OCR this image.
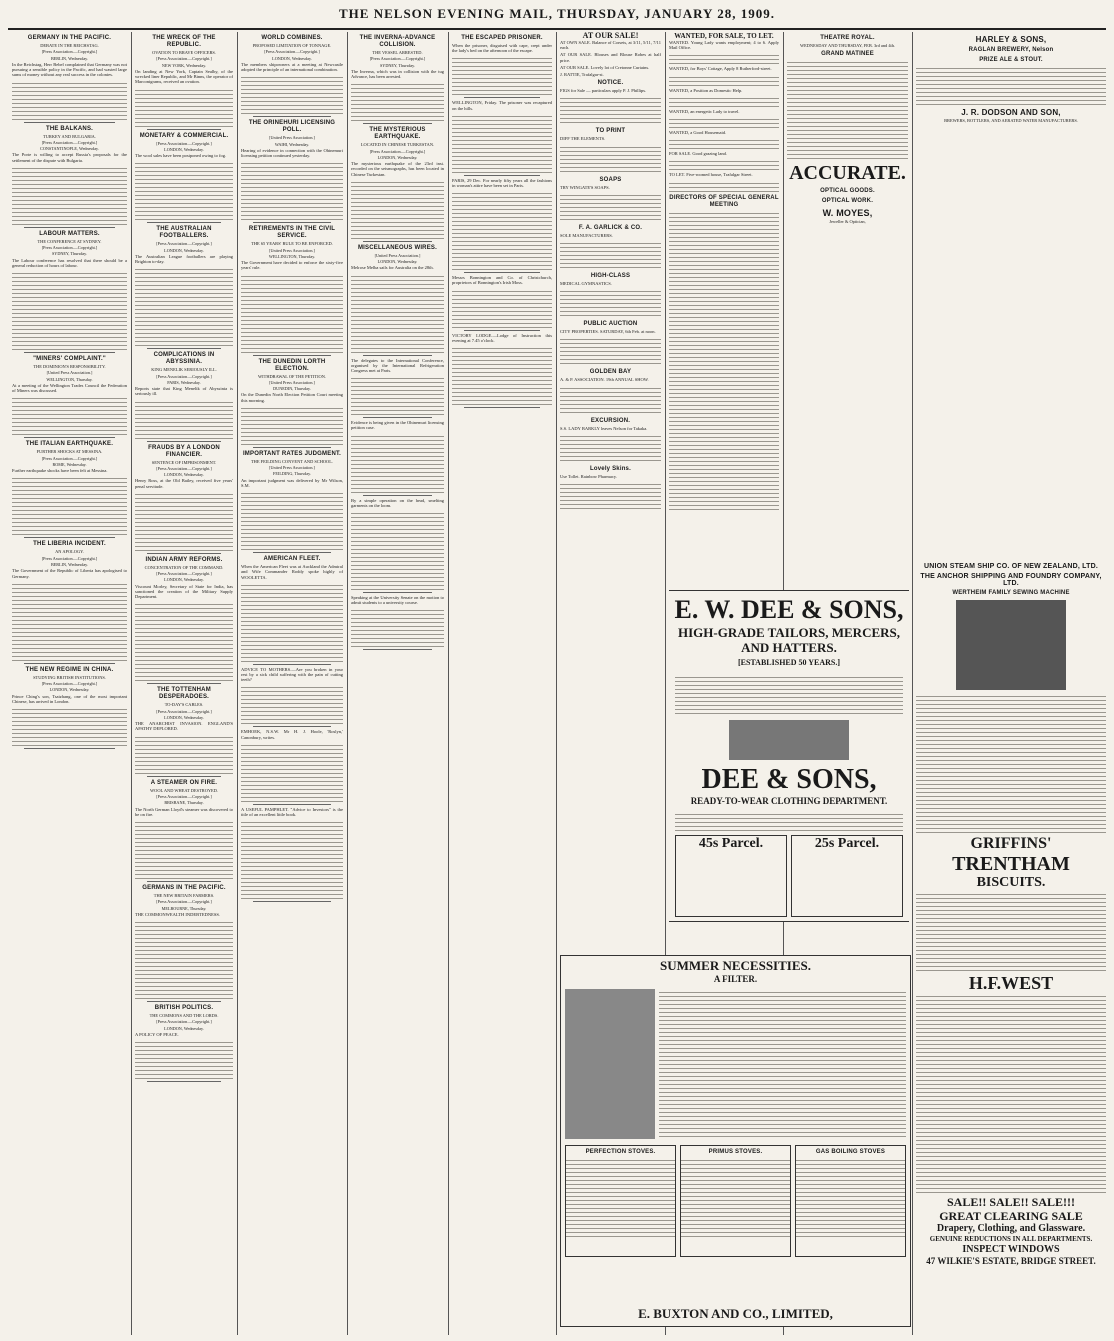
THE NELSON EVENING MAIL, THURSDAY, JANUARY 28, 1909.
GERMANY IN THE PACIFIC.
DEBATE IN THE REICHSTAG.
[Press Association.—Copyright.]
BERLIN, Wednesday.
In the Reichstag, Herr Bebel complained that Germany was not pursuing a sensible policy in the Pacific, and had wasted large sums of money without any real success in the colonies.
THE BALKANS.
TURKEY AND BULGARIA.
[Press Association.—Copyright.]
CONSTANTINOPLE, Wednesday.
The Porte is willing to accept Russia's proposals for the settlement of the dispute with Bulgaria.
LABOUR MATTERS.
THE CONFERENCE AT SYDNEY.
[Press Association.—Copyright.]
SYDNEY, Thursday.
The Labour conference has resolved that there should be a general reduction of hours of labour.
"MINERS' COMPLAINT."
THE DOMINION'S RESPONSIBILITY.
[United Press Association.]
WELLINGTON, Thursday.
At a meeting of the Wellington Trades Council the Federation of Miners was discussed.
THE ITALIAN EARTHQUAKE.
FURTHER SHOCKS AT MESSINA.
[Press Association.—Copyright.]
ROME, Wednesday.
Further earthquake shocks have been felt at Messina.
THE LIBERIA INCIDENT.
AN APOLOGY.
[Press Association.—Copyright.]
BERLIN, Wednesday.
The Government of the Republic of Liberia has apologised to Germany.
THE NEW REGIME IN CHINA.
STUDYING BRITISH INSTITUTIONS.
[Press Association.—Copyright.]
LONDON, Wednesday.
Prince Ching's son, Tsaizhang, one of the most important Chinese, has arrived in London.
THE WRECK OF THE REPUBLIC.
OVATION TO BRAVE OFFICERS.
[Press Association.—Copyright.]
NEW YORK, Wednesday.
On landing at New York, Captain Sealby, of the wrecked liner Republic, and Mr Binns, the operator of Marconigrams, received an ovation.
MONETARY & COMMERCIAL.
[Press Association.—Copyright.]
LONDON, Wednesday.
The wool sales have been postponed owing to fog.
THE AUSTRALIAN FOOTBALLERS.
[Press Association.—Copyright.]
LONDON, Wednesday.
The Australian League footballers are playing Brighton to-day.
COMPLICATIONS IN ABYSSINIA.
KING MENELIK SERIOUSLY ILL.
[Press Association.—Copyright.]
PARIS, Wednesday.
Reports state that King Menelik of Abyssinia is seriously ill.
FRAUDS BY A LONDON FINANCIER.
SENTENCE OF IMPRISONMENT.
[Press Association.—Copyright.]
LONDON, Wednesday.
Henry Ross, at the Old Bailey, received five years' penal servitude.
INDIAN ARMY REFORMS.
CONCENTRATION OF THE COMMAND.
[Press Association.—Copyright.]
LONDON, Wednesday.
Viscount Morley, Secretary of State for India, has sanctioned the creation of the Military Supply Department.
THE TOTTENHAM DESPERADOES.
TO-DAY'S CABLES.
[Press Association.—Copyright.]
LONDON, Wednesday.
THE ANARCHIST INVASION. ENGLAND'S APATHY DEPLORED.
A STEAMER ON FIRE.
WOOL AND WHEAT DESTROYED.
[Press Association.—Copyright.]
BRISBANE, Thursday.
The North German Lloyd's steamer was discovered to be on fire.
GERMANS IN THE PACIFIC.
THE NEW BRITAIN FARMERS.
[Press Association.—Copyright.]
MELBOURNE, Thursday.
THE COMMONWEALTH INDEBTEDNESS.
BRITISH POLITICS.
THE COMMONS AND THE LORDS.
[Press Association.—Copyright.]
LONDON, Wednesday.
A POLICY OF PEACE.
WORLD COMBINES.
PROPOSED LIMITATION OF TONNAGE.
[Press Association.—Copyright.]
LONDON, Wednesday.
The members shipowners at a meeting at Newcastle adopted the principle of an international combination.
THE ORINEHURI LICENSING POLL.
[United Press Association.]
WAIHI, Wednesday.
Hearing of evidence in connection with the Ohinemuri licensing petition continued yesterday.
RETIREMENTS IN THE CIVIL SERVICE.
THE 65 YEARS' RULE TO BE ENFORCED.
[United Press Association.]
WELLINGTON, Thursday.
The Government have decided to enforce the sixty-five years' rule.
THE DUNEDIN LORTH ELECTION.
WITHDRAWAL OF THE PETITION.
[United Press Association.]
DUNEDIN, Thursday.
On the Dunedin North Election Petition Court meeting this morning.
IMPORTANT RATES JUDGMENT.
THE FEILDING CONVENT AND SCHOOL.
[United Press Association.]
FEILDING, Thursday.
An important judgment was delivered by Mr Wilson, S.M.
AMERICAN FLEET.
When the American Fleet was at Auckland the Admiral and Wife Commander Roddy spoke highly of WOOLETTA.
ADVICE TO MOTHERS.—Are you broken in your rest by a sick child suffering with the pain of cutting teeth?
EMHOEK, N.S.W. Mr H. J. Hoole, 'Roslyn,' Canonbury, writes.
A USEFUL PAMPHLET. "Advice to Investors" is the title of an excellent little book.
THE INVERNA-ADVANCE COLLISION.
THE VESSEL ARRESTED.
[Press Association.—Copyright.]
SYDNEY, Thursday.
The Inverna, which was in collision with the tug Advance, has been arrested.
THE MYSTERIOUS EARTHQUAKE.
LOCATED IN CHINESE TURKESTAN.
[Press Association.—Copyright.]
LONDON, Wednesday.
The mysterious earthquake of the 23rd inst. recorded on the seismographs, has been located in Chinese Turkestan.
MISCELLANEOUS WIRES.
[United Press Association.]
LONDON, Wednesday.
Melrose Melba sails for Australia on the 28th.
The delegates to the International Conference, organised by the International Refrigeration Congress met at Paris.
Evidence is being given in the Ohinemuri licensing petition case.
By a simple operation on the head, smelting garments on the loom.
Speaking at the University Senate on the motion to admit students to a university course.
THE ESCAPED PRISONER.
When the prisoner, disguised with cape, crept under the lady's bed on the afternoon of the escape.
WELLINGTON, Friday. The prisoner was recaptured on the hills.
PARIS, 29 Dec. For nearly fifty years all the fashions in woman's attire have been set in Paris.
Messrs Bonnington and Co. of Christchurch, proprietors of Bonnington's Irish Moss.
VICTORY LODGE.—Lodge of Instruction this evening at 7.45 o'clock.
AT OUR SALE!
AT OWN SALE. Balance of Corsets, at 3/11, 5/11, 7/11 each.
AT OUR SALE. Blouses and Blouse Robes at half price.
AT OUR SALE. Lovely lot of Cretonne Curtains.
J. RATTIE, Trafalgar-st.
NOTICE.
FIGS for Sale — particulars apply P. J. Phillips.
TO PRINT
DIFF THE ELEMENTS.
SOAPS
TRY WINGATE'S SOAPS.
F. A. GARLICK & CO.
SOLE MANUFACTURERS.
HIGH-CLASS
MEDICAL GYMNASTICS.
PUBLIC AUCTION
CITY PROPERTIES. SATURDAY, 6th Feb. at noon.
GOLDEN BAY
A. & P. ASSOCIATION. 19th ANNUAL SHOW.
EXCURSION.
S.S. LADY BARKLY leaves Nelson for Takaka.
Lovely Skins.
Use Tollet. Rainbow Pharmacy.
WANTED, FOR SALE, TO LET.
WANTED. Young Lady wants employment; 4 to 6. Apply Mail Office.
WANTED, for Boys' Cottage, Apply 8 Rutherford-street.
WANTED, a Position as Domestic Help.
WANTED, an energetic Lady to travel.
WANTED, a Good Housemaid.
FOR SALE. Good grazing land.
TO LET. Five-roomed house, Trafalgar Street.
DIRECTORS OF SPECIAL GENERAL MEETING
THEATRE ROYAL.
WEDNESDAY AND THURSDAY, FEB. 3rd and 4th.
GRAND MATINEE
ACCURATE.
OPTICAL GOODS.
OPTICAL WORK.
W. MOYES,
Jeweller & Optician,
HARLEY & SONS,
RAGLAN BREWERY, Nelson
PRIZE ALE & STOUT.
J. R. DODSON AND SON,
BREWERS, BOTTLERS, AND AERATED WATER MANUFACTURERS.
E. W. DEE & SONS,
HIGH-GRADE TAILORS, MERCERS,
AND HATTERS.
[ESTABLISHED 50 YEARS.]
DEE & SONS,
READY-TO-WEAR CLOTHING DEPARTMENT.
45s Parcel.	25s Parcel.
SUMMER NECESSITIES.
A FILTER.
PERFECTION STOVES.	PRIMUS STOVES.	GAS BOILING STOVES
E. BUXTON AND CO., LIMITED,
UNION STEAM SHIP CO. OF NEW ZEALAND, LTD.
THE ANCHOR SHIPPING AND FOUNDRY COMPANY, LTD.
WERTHEIM FAMILY SEWING MACHINE
GRIFFINS'
TRENTHAM
BISCUITS.
H.F.WEST
SALE!! SALE!! SALE!!!
GREAT CLEARING SALE
Drapery, Clothing, and Glassware.
GENUINE REDUCTIONS IN ALL DEPARTMENTS.
INSPECT WINDOWS
47 WILKIE'S ESTATE, BRIDGE STREET.
